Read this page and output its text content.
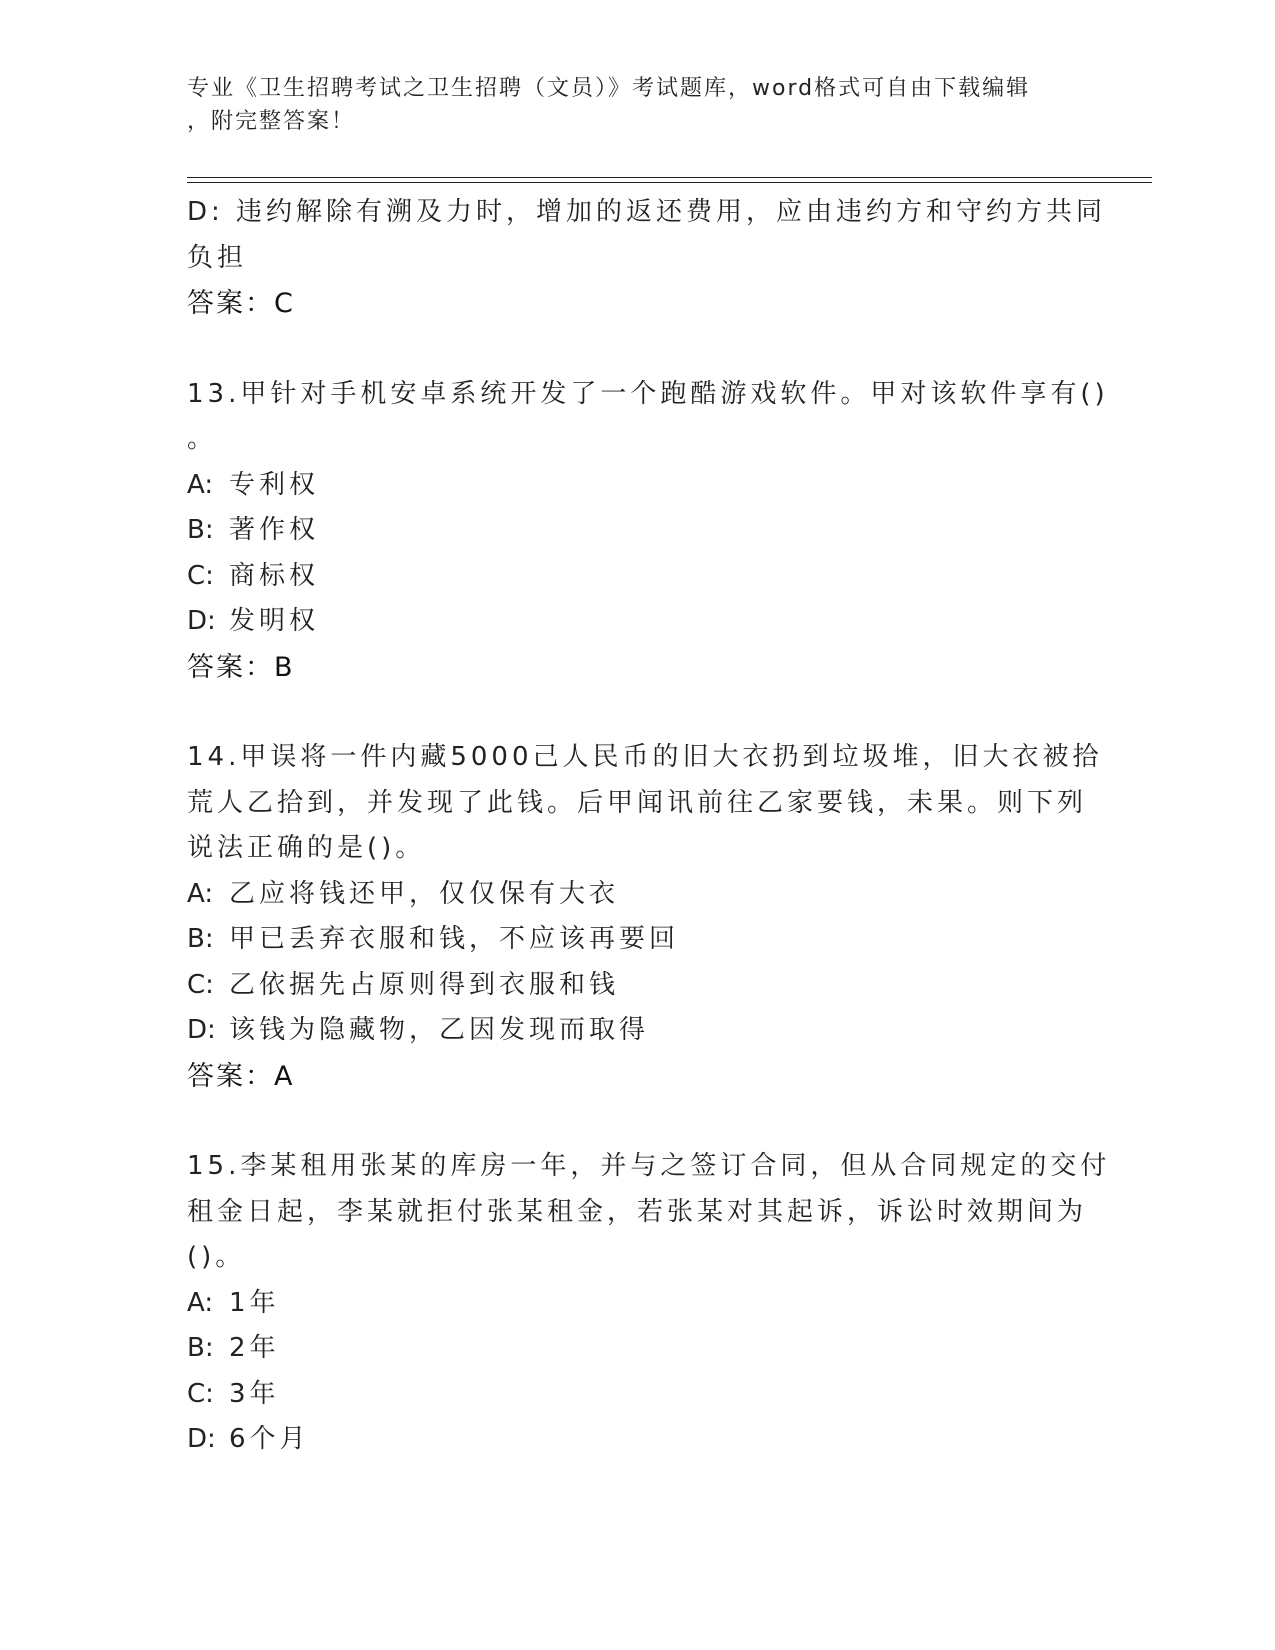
专业《卫生招聘考试之卫生招聘（文员）》考试题库，word格式可自由下载编辑
，附完整答案！
D: 违约解除有溯及力时，增加的返还费用，应由违约方和守约方共同
负担
答案：C
13.甲针对手机安卓系统开发了一个跑酷游戏软件。甲对该软件享有()
。
A: 专利权
B: 著作权
C: 商标权
D: 发明权
答案：B
14.甲误将一件内藏5000己人民币的旧大衣扔到垃圾堆，旧大衣被拾
荒人乙拾到，并发现了此钱。后甲闻讯前往乙家要钱，未果。则下列
说法正确的是()。
A: 乙应将钱还甲，仅仅保有大衣
B: 甲已丢弃衣服和钱，不应该再要回
C: 乙依据先占原则得到衣服和钱
D: 该钱为隐藏物，乙因发现而取得
答案：A
15.李某租用张某的库房一年，并与之签订合同，但从合同规定的交付
租金日起，李某就拒付张某租金，若张某对其起诉，诉讼时效期间为
()。
A: 1年
B: 2年
C: 3年
D: 6个月
